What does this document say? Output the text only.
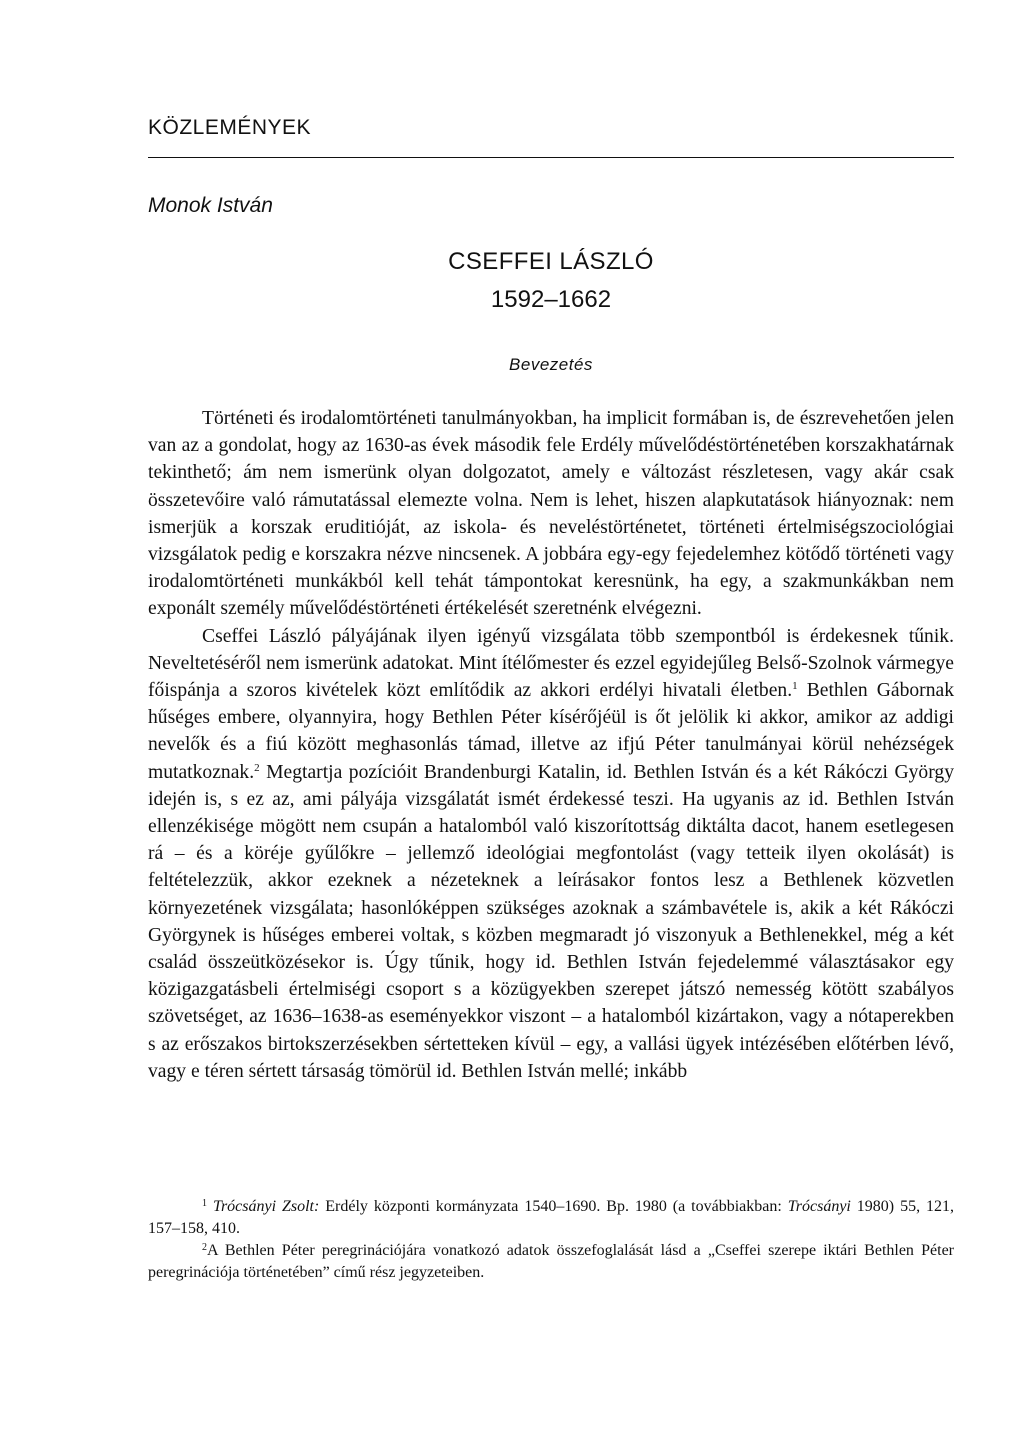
KÖZLEMÉNYEK
Monok István
CSEFFEI LÁSZLÓ
1592–1662
Bevezetés

Történeti és irodalomtörténeti tanulmányokban, ha implicit formában is, de észrevehetően jelen van az a gondolat, hogy az 1630-as évek második fele Erdély művelődéstörténetében korszakhatárnak tekinthető; ám nem ismerünk olyan dolgozatot, amely e változást részletesen, vagy akár csak összetevőire való rámutatással elemezte volna. Nem is lehet, hiszen alapkutatások hiányoznak: nem ismerjük a korszak eruditióját, az iskola- és neveléstörténetet, történeti értelmiségszociológiai vizsgálatok pedig e korszakra nézve nincsenek. A jobbára egy-egy fejedelemhez kötődő történeti vagy irodalomtörténeti munkákból kell tehát támpontokat keresnünk, ha egy, a szakmunkákban nem exponált személy művelődéstörténeti értékelését szeretnénk elvégezni.

Cseffei László pályájának ilyen igényű vizsgálata több szempontból is érdekesnek tűnik. Neveltetéséről nem ismerünk adatokat. Mint ítélőmester és ezzel egyidejűleg Belső-Szolnok vármegye főispánja a szoros kivételek közt említődik az akkori erdélyi hivatali életben.$^1$ Bethlen Gábornak hűséges embere, olyannyira, hogy Bethlen Péter kísérőjéül is őt jelölik ki akkor, amikor az addigi nevelők és a fiú között meghasonlás támad, illetve az ifjú Péter tanulmányai körül nehézségek mutatkoznak.$^2$ Megtartja pozícióit Brandenburgi Katalin, id. Bethlen István és a két Rákóczi György idején is, s ez az, ami pályája vizsgálatát ismét érdekessé teszi. Ha ugyanis az id. Bethlen István ellenzékisége mögött nem csupán a hatalomból való kiszorítottság diktálta dacot, hanem esetlegesen rá – és a köréje gyűlőkre – jellemző ideológiai megfontolást (vagy tetteik ilyen okolását) is feltételezzük, akkor ezeknek a nézeteknek a leírásakor fontos lesz a Bethlenek közvetlen környezetének vizsgálata; hasonlóképpen szükséges azoknak a számbavétele is, akik a két Rákóczi Györgynek is hűséges emberei voltak, s közben megmaradt jó viszonyuk a Bethlenekkel, még a két család összeütközésekor is. Úgy tűnik, hogy id. Bethlen István fejedelemmé választásakor egy közigazgatásbeli értelmiségi csoport s a közügyekben szerepet játszó nemesség kötött szabályos szövetséget, az 1636–1638-as eseményekkor viszont – a hatalomból kizártakon, vagy a nótaperekben s az erőszakos birtokszerzésekben sértetteken kívül – egy, a vallási ügyek intézésében előtérben lévő, vagy e téren sértett társaság tömörül id. Bethlen István mellé; inkább

$^1$ Trócsányi Zsolt: Erdély központi kormányzata 1540–1690. Bp. 1980 (a továbbiakban: Trócsányi 1980) 55, 121, 157–158, 410.

$^2$A Bethlen Péter peregrinációjára vonatkozó adatok összefoglalását lásd a „Cseffei szerepe iktári Bethlen Péter peregrinációja történetében” című rész jegyzeteiben.
